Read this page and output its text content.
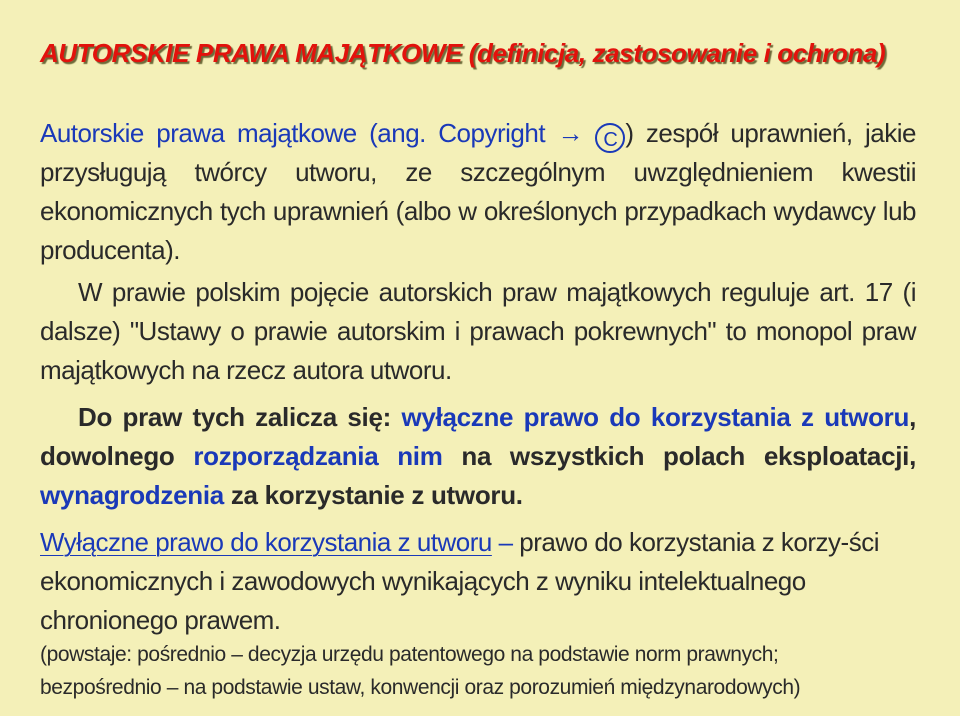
AUTORSKIE PRAWA MAJĄTKOWE (definicja, zastosowanie i ochrona)

Autorskie prawa majątkowe (ang. Copyright → C ) zespół uprawnień, jakie przysługują twórcy utworu, ze szczególnym uwzględnieniem kwestii ekonomicznych tych uprawnień (albo w określonych przypadkach wydawcy lub producenta).

W prawie polskim pojęcie autorskich praw majątkowych reguluje art. 17 (i dalsze) "Ustawy o prawie autorskim i prawach pokrewnych" to monopol praw majątkowych na rzecz autora utworu.

Do praw tych zalicza się: wyłączne prawo do korzystania z utworu, dowolnego rozporządzania nim na wszystkich polach eksploatacji, wynagrodzenia za korzystanie z utworu.

Wyłączne prawo do korzystania z utworu – prawo do korzystania z korzy-ści ekonomicznych i zawodowych wynikających z wyniku intelektualnego chronionego prawem.

(powstaje: pośrednio – decyzja urzędu patentowego na podstawie norm prawnych;
bezpośrednio – na podstawie ustaw, konwencji oraz porozumień międzynarodowych)
